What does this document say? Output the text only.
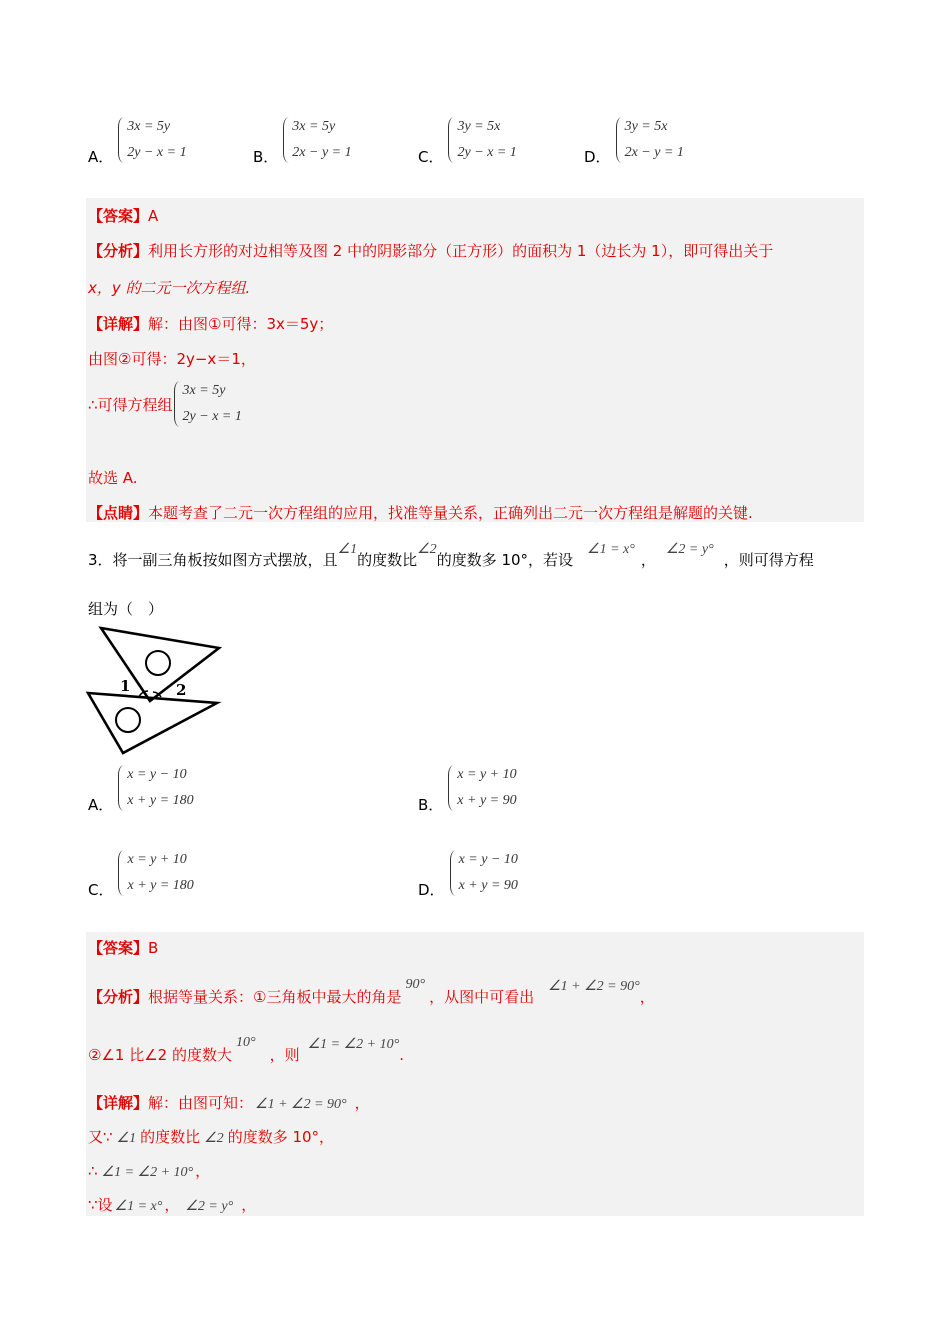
A．
3x = 5y
2y − x = 1	B．
3x = 5y
2x − y = 1	C．
3y = 5x
2y − x = 1	D．
3y = 5x
2x − y = 1
【答案】A
【分析】利用长方形的对边相等及图 2 中的阴影部分（正方形）的面积为 1（边长为 1），即可得出关于
x，y 的二元一次方程组.
【详解】解：由图①可得：3x＝5y；
由图②可得：2y−x＝1，
∴可得方程组
3x = 5y
2y − x = 1
故选 A.
【点睛】本题考查了二元一次方程组的应用，找准等量关系，正确列出二元一次方程组是解题的关键.
3．将一副三角板按如图方式摆放，且∠1的度数比∠2的度数多 10°，若设∠1 = x°，∠2 = y°，则可得方程
组为（　）
1	2
A．
x = y − 10
x + y = 180	B．
x = y + 10
x + y = 90
C．
x = y + 10
x + y = 180	D．
x = y − 10
x + y = 90
【答案】B
【分析】根据等量关系：①三角板中最大的角是90°，从图中可看出∠1 + ∠2 = 90°，
②∠1 比∠2 的度数大10°，则∠1 = ∠2 + 10°.
【详解】解：由图可知： ∠1 + ∠2 = 90° ，
又∵ ∠1 的度数比 ∠2 的度数多 10°，
∴ ∠1 = ∠2 + 10° ，
∵设 ∠1 = x° ， ∠2 = y° ，
